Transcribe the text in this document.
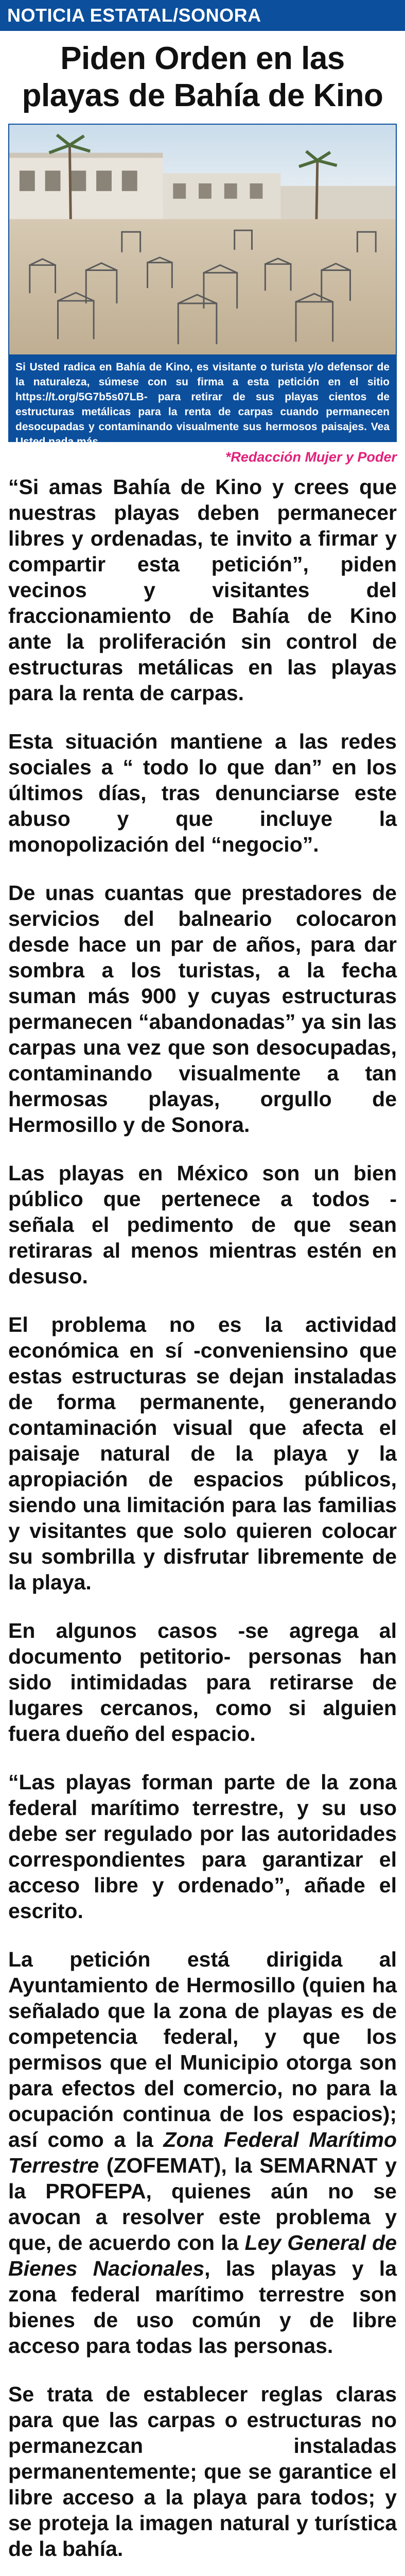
NOTICIA ESTATAL/SONORA
Piden Orden en las playas de Bahía de Kino
Si Usted radica en Bahía de Kino, es visitante o turista y/o defensor de la naturaleza, súmese con su firma a esta petición en el sitio https://t.org/5G7b5s07LB- para retirar de sus playas cientos de estructuras metálicas para la renta de carpas cuando permanecen desocupadas y contaminando visualmente sus hermosos paisajes. Vea Usted nada más.

*Redacción Mujer y Poder

“Si amas Bahía de Kino y crees que nuestras playas deben permanecer libres y ordenadas, te invito a firmar y compartir esta petición”, piden vecinos y visitantes del fraccionamiento de Bahía de Kino ante la proliferación sin control de estructuras metálicas en las playas para la renta de carpas.

Esta situación mantiene a las redes sociales a “ todo lo que dan” en los últimos días, tras denunciarse este abuso y que incluye la monopolización del “negocio”.

De unas cuantas que prestadores de servicios del balneario colocaron desde hace un par de años, para dar sombra a los turistas, a la fecha suman más 900 y cuyas estructuras permanecen “abandonadas” ya sin las carpas una vez que son desocupadas, contaminando visualmente a tan hermosas playas, orgullo de Hermosillo y de Sonora.

Las playas en México son un bien público que pertenece a todos - señala el pedimento de que sean retiraras al menos mientras estén en desuso.

El problema no es la actividad económica en sí -conveniensino que estas estructuras se dejan instaladas de forma permanente, generando contaminación visual que afecta el paisaje natural de la playa y la apropiación de espacios públicos, siendo una limitación para las familias y visitantes que solo quieren colocar su sombrilla y disfrutar libremente de la playa.

En algunos casos -se agrega al documento petitorio- personas han sido intimidadas para retirarse de lugares cercanos, como si alguien fuera dueño del espacio.

“Las playas forman parte de la zona federal marítimo terrestre, y su uso debe ser regulado por las autoridades correspondientes para garantizar el acceso libre y ordenado”, añade el escrito.

La petición está dirigida al Ayuntamiento de Hermosillo (quien ha señalado que la zona de playas es de competencia federal, y que los permisos que el Municipio otorga son para efectos del comercio, no para la ocupación continua de los espacios); así como a la Zona Federal Marítimo Terrestre (ZOFEMAT), la SEMARNAT y la PROFEPA, quienes aún no se avocan a resolver este problema y que, de acuerdo con la Ley General de Bienes Nacionales, las playas y la zona federal marítimo terrestre son bienes de uso común y de libre acceso para todas las personas.

Se trata de establecer reglas claras para que las carpas o estructuras no permanezcan instaladas permanentemente; que se garantice el libre acceso a la playa para todos; y se proteja la imagen natural y turística de la bahía.
